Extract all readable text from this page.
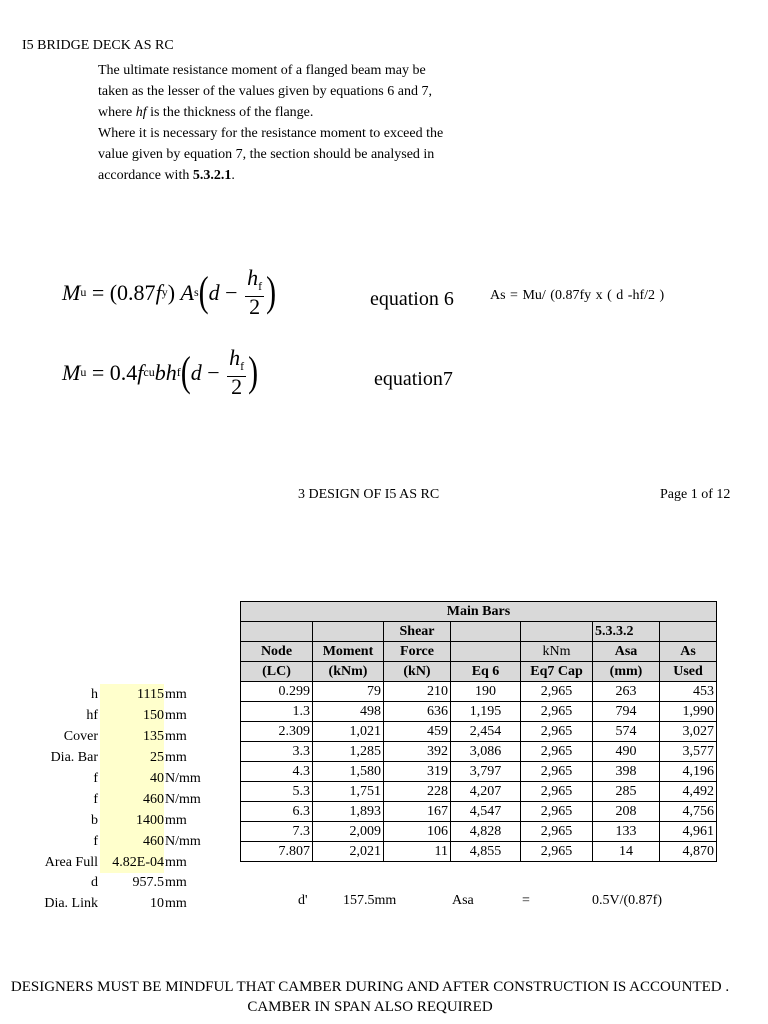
I5 BRIDGE DECK AS RC

The ultimate resistance moment of a flanged beam may be taken as the lesser of the values given by equations 6 and 7, where hf is the thickness of the flange.

Where it is necessary for the resistance moment to exceed the value given by equation 7, the section should be analysed in accordance with 5.3.2.1.

M u = (0.87 f y ) A s ( $d - \frac{h_f}{2}$ )
M u = 0.4 f cu b h f ( $d - \frac{h_f}{2}$ )
equation 6
equation7
As = Mu/ (0.87fy x ( d -hf/2 )
3 DESIGN OF I5 AS RC	Page 1 of 12
Main Bars						
		Shear			5.3.3.2	
Node	Moment	Force		kNm	Asa	As
(LC)	(kNm)	(kN)	Eq 6	Eq7 Cap	(mm)	Used
0.299	79	210	190	2,965	263	453
1.3	498	636	1,195	2,965	794	1,990
2.309	1,021	459	2,454	2,965	574	3,027
3.3	1,285	392	3,086	2,965	490	3,577
4.3	1,580	319	3,797	2,965	398	4,196
5.3	1,751	228	4,207	2,965	285	4,492
6.3	1,893	167	4,547	2,965	208	4,756
7.3	2,009	106	4,828	2,965	133	4,961
7.807	2,021	11	4,855	2,965	14	4,870
h	1115 mm
hf	150 mm
Cover	135 mm
Dia. Bar	25 mm
f	40 N/mm
f	460 N/mm
b	1400 mm
f	460 N/mm
Area Full	4.82E-04 mm
d	957.5 mm
Dia. Link	10 mm	d'	157.5mm	Asa	=	0.5V/(0.87f)
DESIGNERS MUST BE MINDFUL THAT CAMBER DURING AND AFTER CONSTRUCTION IS ACCOUNTED . CAMBER IN SPAN ALSO REQUIRED
